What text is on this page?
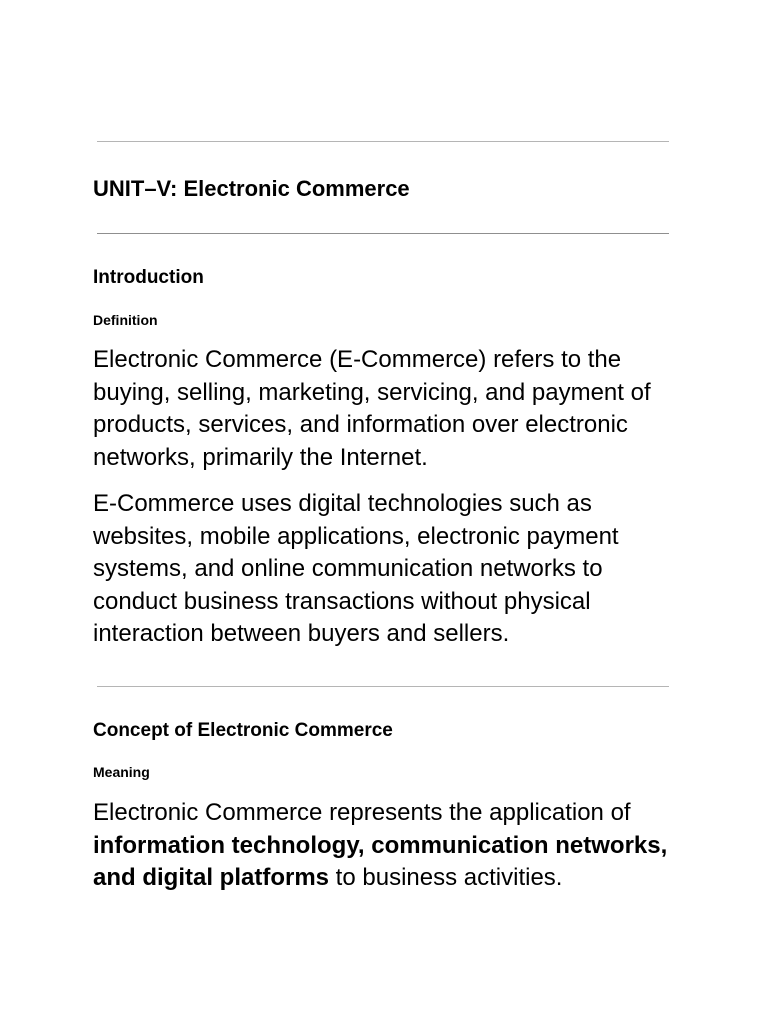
UNIT–V: Electronic Commerce
Introduction
Definition

Electronic Commerce (E-Commerce) refers to the buying, selling, marketing, servicing, and payment of products, services, and information over electronic networks, primarily the Internet.

E-Commerce uses digital technologies such as websites, mobile applications, electronic payment systems, and online communication networks to conduct business transactions without physical interaction between buyers and sellers.

Concept of Electronic Commerce
Meaning

Electronic Commerce represents the application of information technology, communication networks, and digital platforms to business activities.
